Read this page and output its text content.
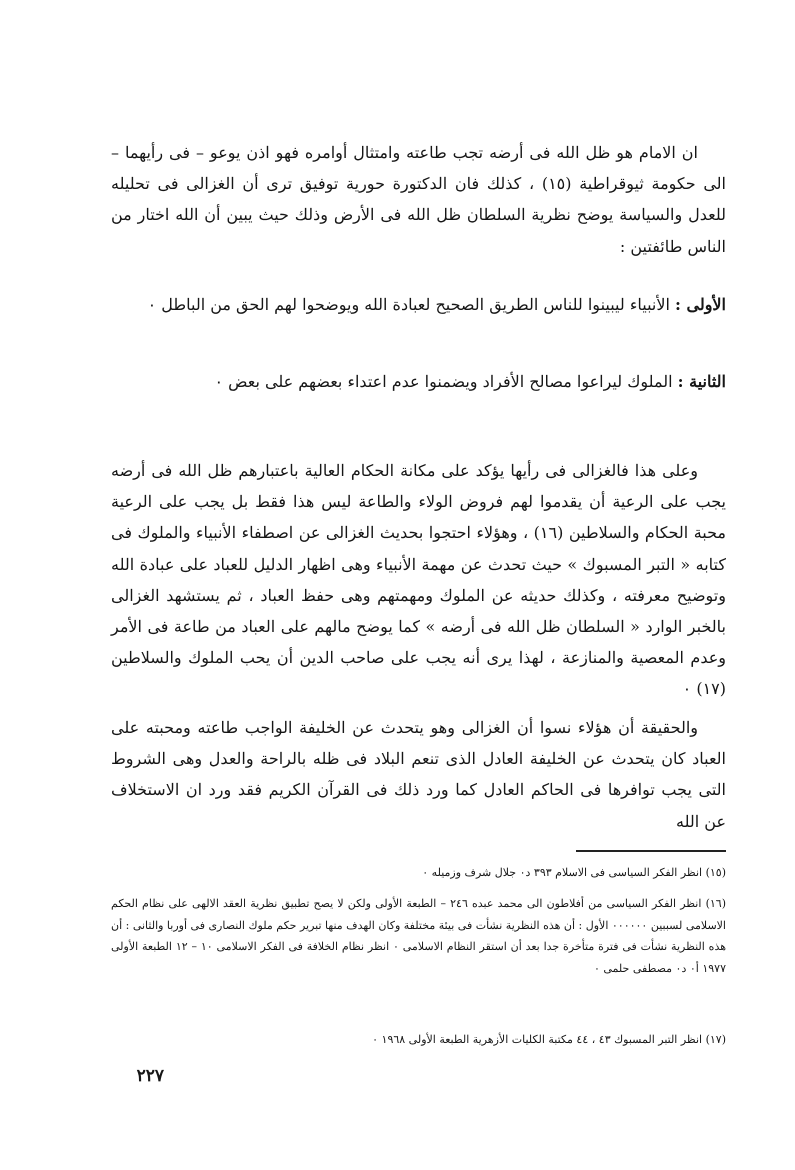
ان الامام هو ظل الله فى أرضه تجب طاعته وامتثال أوامره فهو اذن يوعو – فى رأيهما – الى حكومة ثيوقراطية (١٥) ، كذلك فان الدكتورة حورية توفيق ترى أن الغزالى فى تحليله للعدل والسياسة يوضح نظرية السلطان ظل الله فى الأرض وذلك حيث يبين أن الله اختار من الناس طائفتين :

الأولى : الأنبياء ليبينوا للناس الطريق الصحيح لعبادة الله ويوضحوا لهم الحق من الباطل ٠

الثانية : الملوك ليراعوا مصالح الأفراد ويضمنوا عدم اعتداء بعضهم على بعض ٠

وعلى هذا فالغزالى فى رأيها يؤكد على مكانة الحكام العالية باعتبارهم ظل الله فى أرضه يجب على الرعية أن يقدموا لهم فروض الولاء والطاعة ليس هذا فقط بل يجب على الرعية محبة الحكام والسلاطين (١٦) ، وهؤلاء احتجوا بحديث الغزالى عن اصطفاء الأنبياء والملوك فى كتابه « التبر المسبوك » حيث تحدث عن مهمة الأنبياء وهى اظهار الدليل للعباد على عبادة الله وتوضيح معرفته ، وكذلك حديثه عن الملوك ومهمتهم وهى حفظ العباد ، ثم يستشهد الغزالى بالخبر الوارد « السلطان ظل الله فى أرضه » كما يوضح مالهم على العباد من طاعة فى الأمر وعدم المعصية والمنازعة ، لهذا يرى أنه يجب على صاحب الدين أن يحب الملوك والسلاطين (١٧) ٠

والحقيقة أن هؤلاء نسوا أن الغزالى وهو يتحدث عن الخليفة الواجب طاعته ومحبته على العباد كان يتحدث عن الخليفة العادل الذى تنعم البلاد فى ظله بالراحة والعدل وهى الشروط التى يجب توافرها فى الحاكم العادل كما ورد ذلك فى القرآن الكريم فقد ورد ان الاستخلاف عن الله

(١٥) انظر الفكر السياسى فى الاسلام ٣٩٣ د٠ جلال شرف وزميله ٠

(١٦) انظر الفكر السياسى من أفلاطون الى محمد عبده ٢٤٦ – الطبعة الأولى ولكن لا يصح تطبيق نظرية العقد الالهى على نظام الحكم الاسلامى لسببين ٠٠٠٠٠٠ الأول : أن هذه النظرية نشأت فى بيئة مختلفة وكان الهدف منها تبرير حكم ملوك النصارى فى أوربا والثانى : أن هذه النظرية نشأت فى فترة متأخرة جدا بعد أن استقر النظام الاسلامى ٠ انظر نظام الخلافة فى الفكر الاسلامى ١٠ – ١٢ الطبعة الأولى ١٩٧٧ أ٠ د٠ مصطفى حلمى ٠

(١٧) انظر التبر المسبوك ٤٣ ، ٤٤ مكتبة الكليات الأزهرية الطبعة الأولى ١٩٦٨ ٠

٢٢٧
